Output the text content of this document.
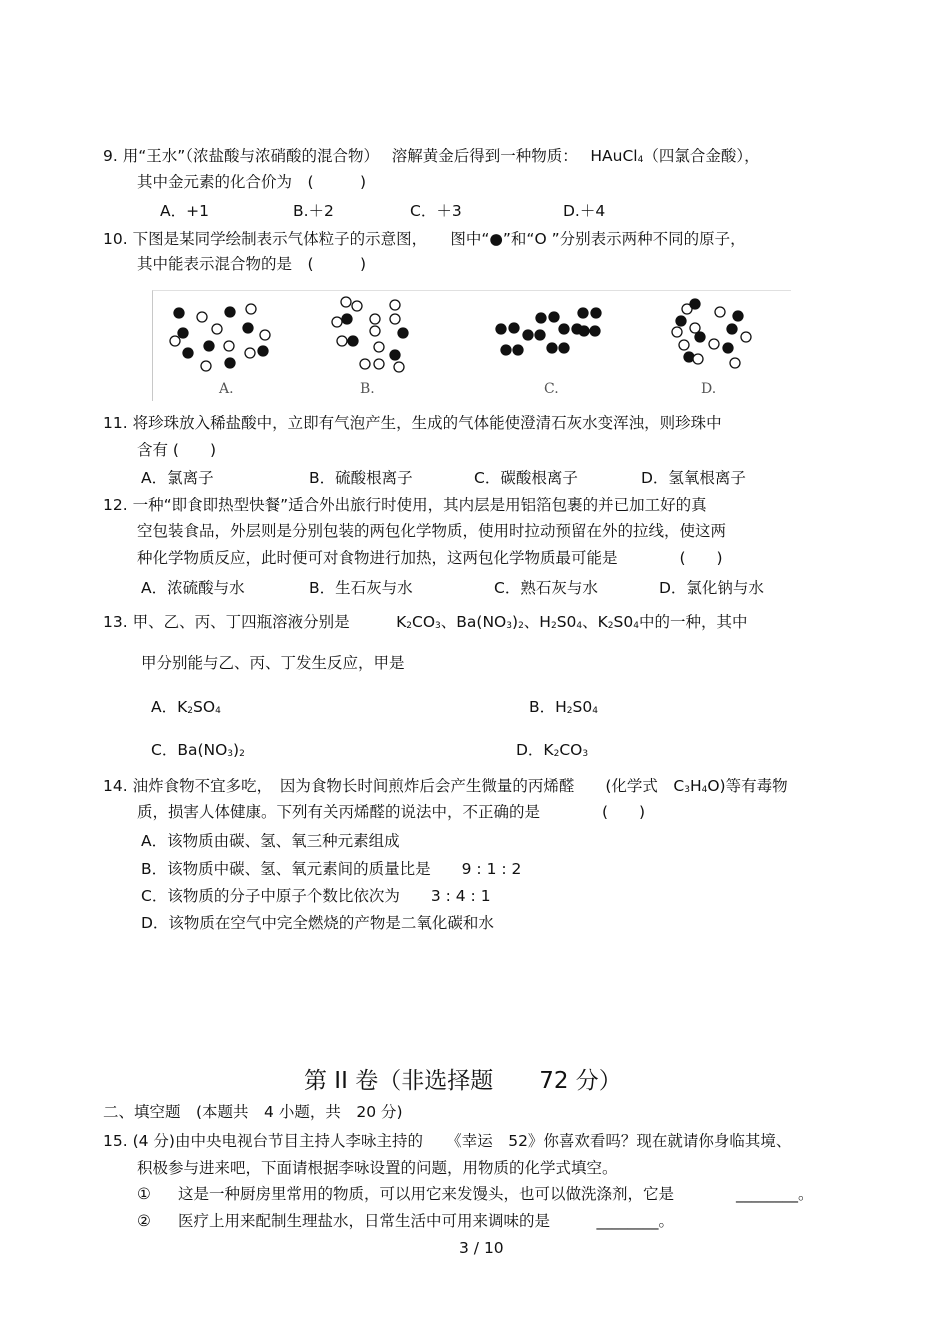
9. 用“王水”（浓盐酸与浓硝酸的混合物）　 溶解黄金后得到一种物质：　 HAuCl$_4$（四氯合金酸），
其中金元素的化合价为　(　　　)
A．+1	B.＋2	C．＋3	D.＋4
10. 下图是某同学绘制表示气体粒子的示意图，　　图中“●”和“O ”分别表示两种不同的原子，
其中能表示混合物的是　(　　　)
A.	B.	C.	D.
11. 将珍珠放入稀盐酸中，立即有气泡产生，生成的气体能使澄清石灰水变浑浊，则珍珠中
含有 (　　)
A．氯离子	B．硫酸根离子	C．碳酸根离子	D．氢氧根离子
12. 一种“即食即热型快餐”适合外出旅行时使用，其内层是用铝箔包裹的并已加工好的真
空包装食品，外层则是分别包装的两包化学物质，使用时拉动预留在外的拉线，使这两
种化学物质反应，此时便可对食物进行加热，这两包化学物质最可能是　　　　(　　)
A．浓硫酸与水	B．生石灰与水	C．熟石灰与水	D．氯化钠与水
13. 甲、乙、丙、丁四瓶溶液分别是　　　	$K_2CO_3$、$Ba(NO_3)_2$、$H_2S0_4$、$K_2S0_4$中的一种，其中
甲分别能与乙、丙、丁发生反应，甲是
A．$K_2SO_4$	B．$H_2S0_4$
C．$Ba(NO_3)_2$	D．$K_2CO_3$
14. 油炸食物不宜多吃，　因为食物长时间煎炸后会产生微量的丙烯醛　　(化学式　$C_3H_4O$)等有毒物
质，损害人体健康。下列有关丙烯醛的说法中，不正确的是　　　　(　　)
A．该物质由碳、氢、氧三种元素组成
B．该物质中碳、氢、氧元素间的质量比是　　9 : 1 : 2
C．该物质的分子中原子个数比依次为　　3 : 4 : 1
D．该物质在空气中完全燃烧的产物是二氧化碳和水
第 II 卷（非选择题　　72 分）
二、填空题　(本题共　4 小题，共　20 分)
15. (4 分)由中央电视台节目主持人李咏主持的　　《幸运　52》你喜欢看吗？现在就请你身临其境、
积极参与进来吧，下面请根据李咏设置的问题，用物质的化学式填空。
① 这是一种厨房里常用的物质，可以用它来发馒头，也可以做洗涤剂，它是　　　　________。
② 医疗上用来配制生理盐水，日常生活中可用来调味的是　　　________。
3 / 10
